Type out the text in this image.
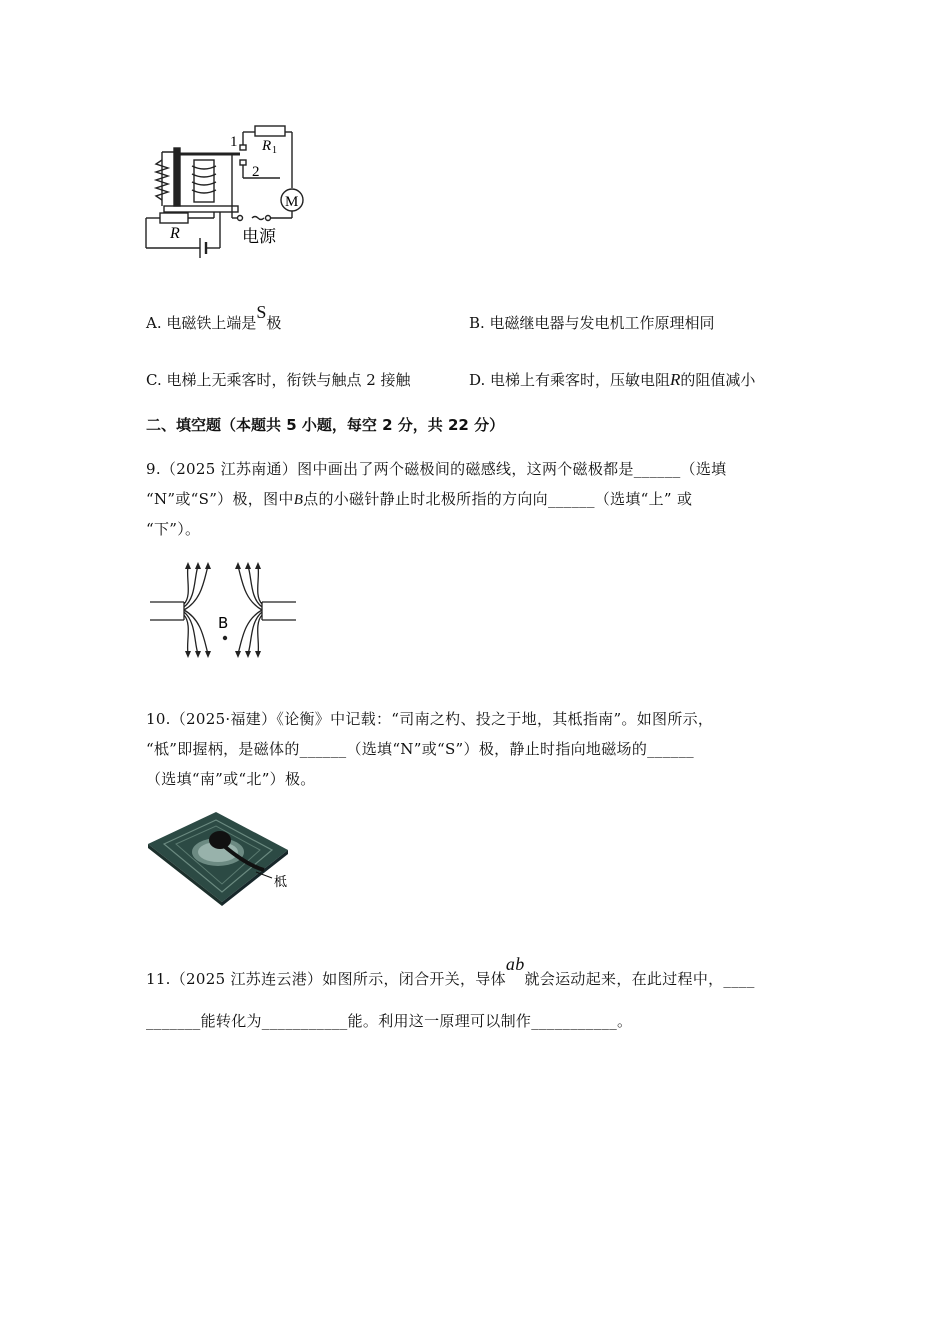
1
2
R 1
M
R	电源
A. 电磁铁上端是S极	B. 电磁继电器与发电机工作原理相同
C. 电梯上无乘客时，衔铁与触点 2 接触	D. 电梯上有乘客时，压敏电阻R的阻值减小
二、填空题（本题共 5 小题，每空 2 分，共 22 分）
9.（2025 江苏南通）图中画出了两个磁极间的磁感线，这两个磁极都是______（选填
“N”或“S”）极，图中B点的小磁针静止时北极所指的方向向______（选填“上” 或
“下”）。
B
10.（2025·福建）《论衡》中记载：“司南之杓、投之于地，其柢指南”。如图所示，
“柢”即握柄，是磁体的______（选填“N”或“S”）极，静止时指向地磁场的______
（选填“南”或“北”）极。
柢
11.（2025 江苏连云港）如图所示，闭合开关，导体ab就会运动起来，在此过程中，____
_______能转化为___________能。利用这一原理可以制作___________。
